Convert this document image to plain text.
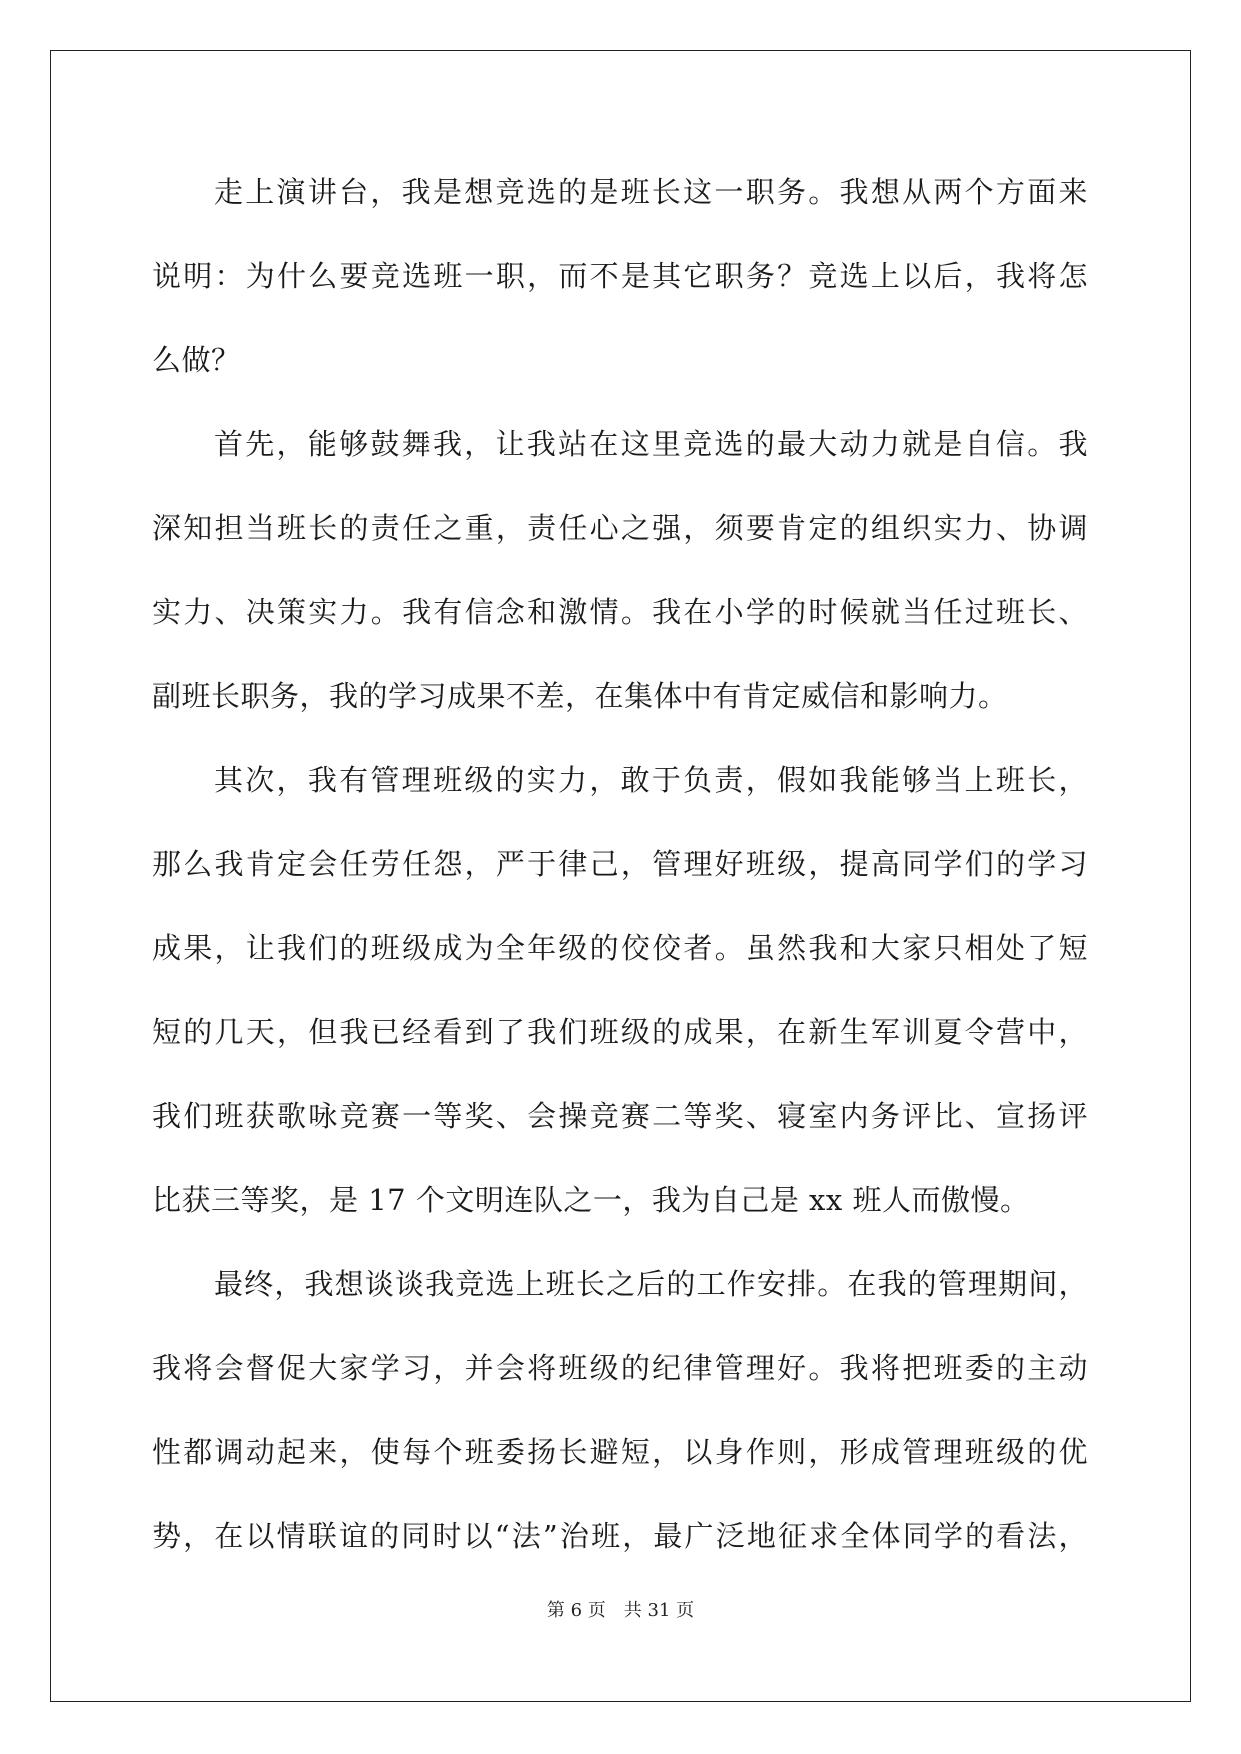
走上演讲台，我是想竞选的是班长这一职务。我想从两个方面来
说明：为什么要竞选班一职，而不是其它职务？竞选上以后，我将怎
么做？
首先，能够鼓舞我，让我站在这里竞选的最大动力就是自信。我
深知担当班长的责任之重，责任心之强，须要肯定的组织实力、协调
实力、决策实力。我有信念和激情。我在小学的时候就当任过班长、
副班长职务，我的学习成果不差，在集体中有肯定威信和影响力。
其次，我有管理班级的实力，敢于负责，假如我能够当上班长，
那么我肯定会任劳任怨，严于律己，管理好班级，提高同学们的学习
成果，让我们的班级成为全年级的佼佼者。虽然我和大家只相处了短
短的几天，但我已经看到了我们班级的成果，在新生军训夏令营中，
我们班获歌咏竞赛一等奖、会操竞赛二等奖、寝室内务评比、宣扬评
比获三等奖，是 17 个文明连队之一，我为自己是 xx 班人而傲慢。
最终，我想谈谈我竞选上班长之后的工作安排。在我的管理期间，
我将会督促大家学习，并会将班级的纪律管理好。我将把班委的主动
性都调动起来，使每个班委扬长避短，以身作则，形成管理班级的优
势，在以情联谊的同时以“法”治班，最广泛地征求全体同学的看法，
第 6 页 共 31 页
